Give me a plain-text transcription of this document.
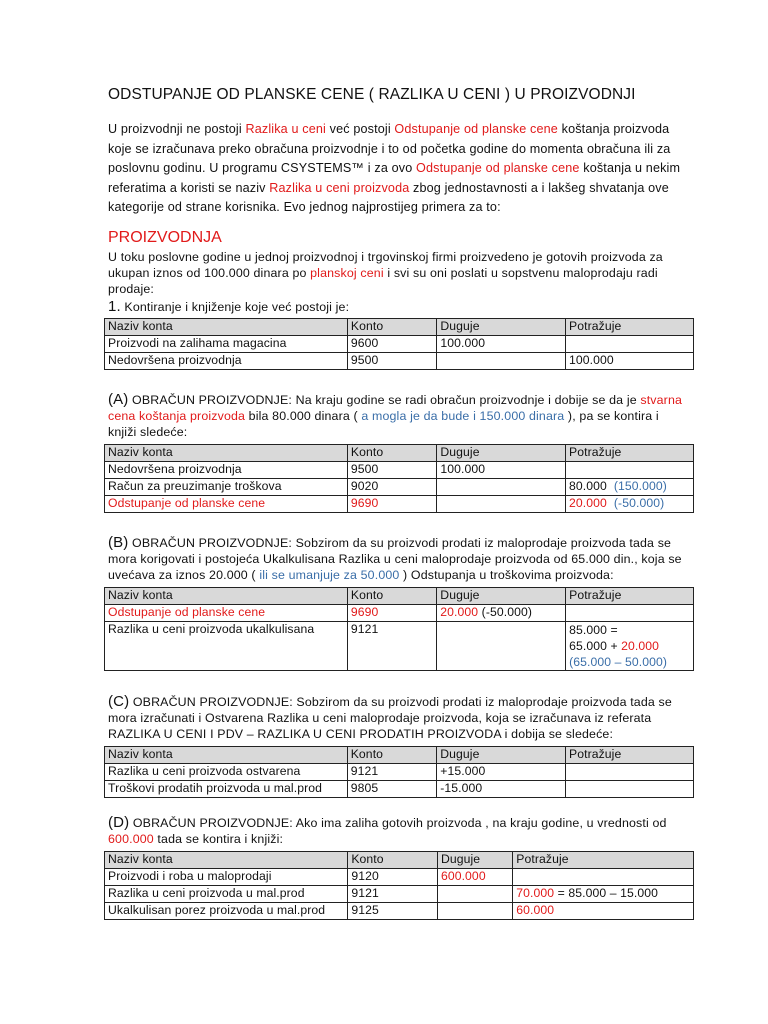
ODSTUPANJE OD PLANSKE CENE ( RAZLIKA U CENI ) U PROIZVODNJI
U proizvodnji ne postoji Razlika u ceni već postoji Odstupanje od planske cene koštanja proizvoda koje se izračunava preko obračuna proizvodnje i to od početka godine do momenta obračuna ili za poslovnu godinu. U programu CSYSTEMS™ i za ovo Odstupanje od planske cene koštanja u nekim referatima a koristi se naziv Razlika u ceni proizvoda zbog jednostavnosti a i lakšeg shvatanja ove kategorije od strane korisnika. Evo jednog najprostijeg primera za to:
PROIZVODNJA
U toku poslovne godine u jednoj proizvodnoj i trgovinskoj firmi proizvedeno je gotovih proizvoda za ukupan iznos od 100.000 dinara po planskoj ceni i svi su oni poslati u sopstvenu maloprodaju radi prodaje:
1. Kontiranje i knjiženje koje već postoji je:
Naziv konta	Konto	Duguje	Potražuje
Proizvodi na zalihama magacina	9600	100.000	
Nedovršena proizvodnja	9500		100.000
(A) OBRAČUN PROIZVODNJE: Na kraju godine se radi obračun proizvodnje i dobije se da je stvarna cena koštanja proizvoda bila 80.000 dinara ( a mogla je da bude i 150.000 dinara ), pa se kontira i knjiži sledeće:
Naziv konta	Konto	Duguje	Potražuje
Nedovršena proizvodnja	9500	100.000	
Račun za preuzimanje troškova	9020		80.000 (150.000)
Odstupanje od planske cene	9690		20.000 (-50.000)
(B) OBRAČUN PROIZVODNJE: Sobzirom da su proizvodi prodati iz maloprodaje proizvoda tada se mora korigovati i postojeća Ukalkulisana Razlika u ceni maloprodaje proizvoda od 65.000 din., koja se uvećava za iznos 20.000 ( ili se umanjuje za 50.000 ) Odstupanja u troškovima proizvoda:
Naziv konta	Konto	Duguje	Potražuje
Odstupanje od planske cene	9690	20.000 (-50.000)	
Razlika u ceni proizvoda ukalkulisana	9121		85.000 =
65.000 + 20.000
(65.000 – 50.000)
(C) OBRAČUN PROIZVODNJE: Sobzirom da su proizvodi prodati iz maloprodaje proizvoda tada se mora izračunati i Ostvarena Razlika u ceni maloprodaje proizvoda, koja se izračunava iz referata RAZLIKA U CENI I PDV – RAZLIKA U CENI PRODATIH PROIZVODA i dobija se sledeće:
Naziv konta	Konto	Duguje	Potražuje
Razlika u ceni proizvoda ostvarena	9121	+15.000	
Troškovi prodatih proizvoda u mal.prod	9805	-15.000	
(D) OBRAČUN PROIZVODNJE: Ako ima zaliha gotovih proizvoda , na kraju godine, u vrednosti od 600.000 tada se kontira i knjiži:
Naziv konta	Konto	Duguje	Potražuje
Proizvodi i roba u maloprodaji	9120	600.000	
Razlika u ceni proizvoda u mal.prod	9121		70.000 = 85.000 – 15.000
Ukalkulisan porez proizvoda u mal.prod	9125		60.000
